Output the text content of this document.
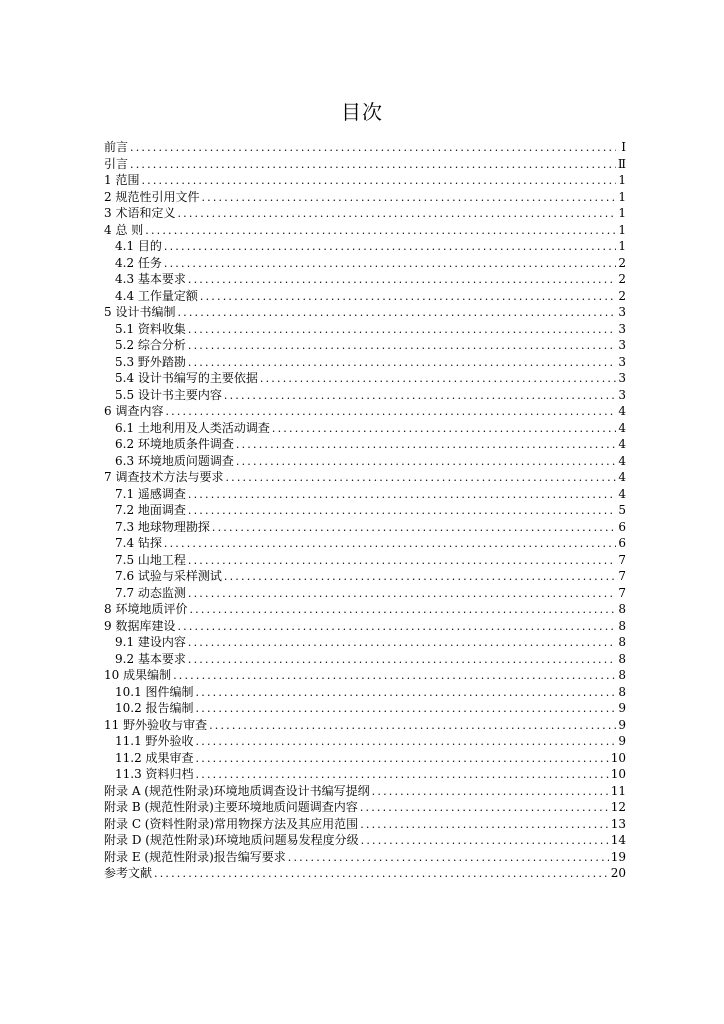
目次
前言 .....	Ⅰ
引言 .....	Ⅱ
1 范围 .....	1
2 规范性引用文件 .....	1
3 术语和定义 .....	1
4 总 则 .....	1
4.1 目的 .....	1
4.2 任务 .....	2
4.3 基本要求 .....	2
4.4 工作量定额 .....	2
5 设计书编制 .....	3
5.1 资料收集 .....	3
5.2 综合分析 .....	3
5.3 野外踏勘 .....	3
5.4 设计书编写的主要依据 .....	3
5.5 设计书主要内容 .....	3
6 调查内容 .....	4
6.1 土地利用及人类活动调查 .....	4
6.2 环境地质条件调查 .....	4
6.3 环境地质问题调查 .....	4
7 调查技术方法与要求 .....	4
7.1 遥感调查 .....	4
7.2 地面调查 .....	5
7.3 地球物理勘探 .....	6
7.4 钻探 .....	6
7.5 山地工程 .....	7
7.6 试验与采样测试 .....	7
7.7 动态监测 .....	7
8 环境地质评价 .....	8
9 数据库建设 .....	8
9.1 建设内容 .....	8
9.2 基本要求 .....	8
10 成果编制 .....	8
10.1 图件编制 .....	8
10.2 报告编制 .....	9
11 野外验收与审查 .....	9
11.1 野外验收 .....	9
11.2 成果审查 .....	10
11.3 资料归档 .....	10
附录 A (规范性附录)环境地质调查设计书编写提纲 .....	11
附录 B (规范性附录)主要环境地质问题调查内容 .....	12
附录 C (资料性附录)常用物探方法及其应用范围 .....	13
附录 D (规范性附录)环境地质问题易发程度分级 .....	14
附录 E (规范性附录)报告编写要求 .....	19
参考文献 .....	20
